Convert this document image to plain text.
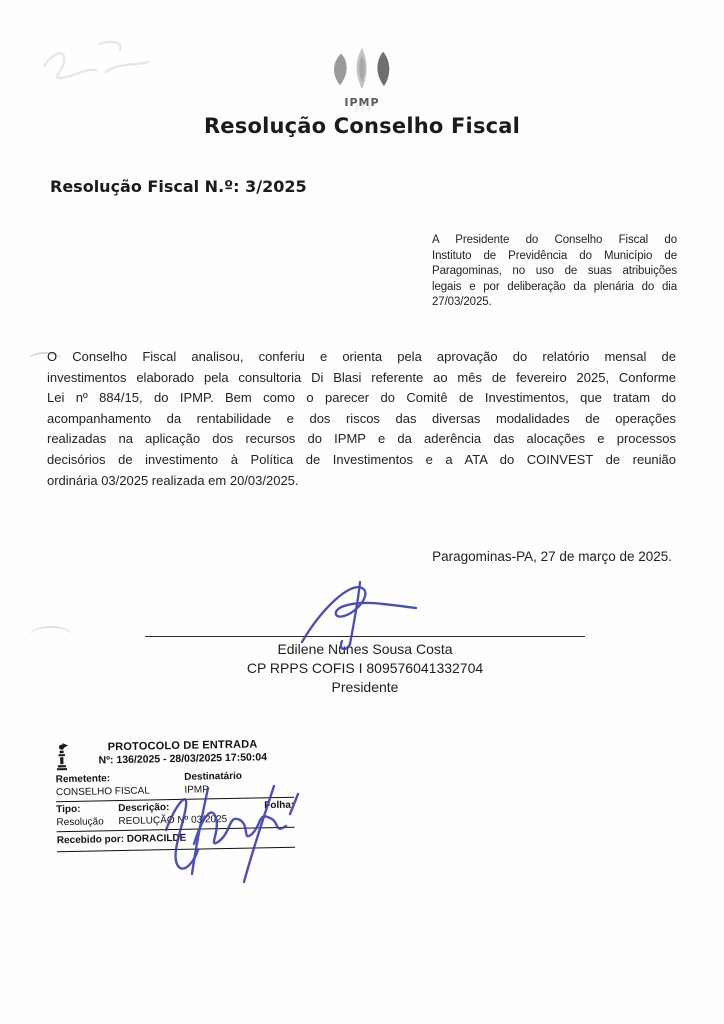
IPMP
Resolução Conselho Fiscal
Resolução Fiscal N.º: 3/2025
A Presidente do Conselho Fiscal do
Instituto de Previdência do Município de
Paragominas, no uso de suas atribuições
legais e por deliberação da plenária do dia
27/03/2025.
O Conselho Fiscal analisou, conferiu e orienta pela aprovação do relatório mensal de
investimentos elaborado pela consultoria Di Blasi referente ao mês de fevereiro 2025, Conforme
Lei nº 884/15, do IPMP. Bem como o parecer do Comitê de Investimentos, que tratam do
acompanhamento da rentabilidade e dos riscos das diversas modalidades de operações
realizadas na aplicação dos recursos do IPMP e da aderência das alocações e processos
decisórios de investimento à Política de Investimentos e a ATA do COINVEST de reunião
ordinária 03/2025 realizada em 20/03/2025.
Paragominas-PA, 27 de março de 2025.
Edilene Nunes Sousa Costa
CP RPPS COFIS I 809576041332704
Presidente
PROTOCOLO DE ENTRADA
Nº: 136/2025 - 28/03/2025 17:50:04
Remetente:
CONSELHO FISCAL
Destinatário
IPMP
Tipo:	Descrição:	Folha:
Resolução REOLUÇÃO Nº 03/2025
Recebido por: DORACILDE
